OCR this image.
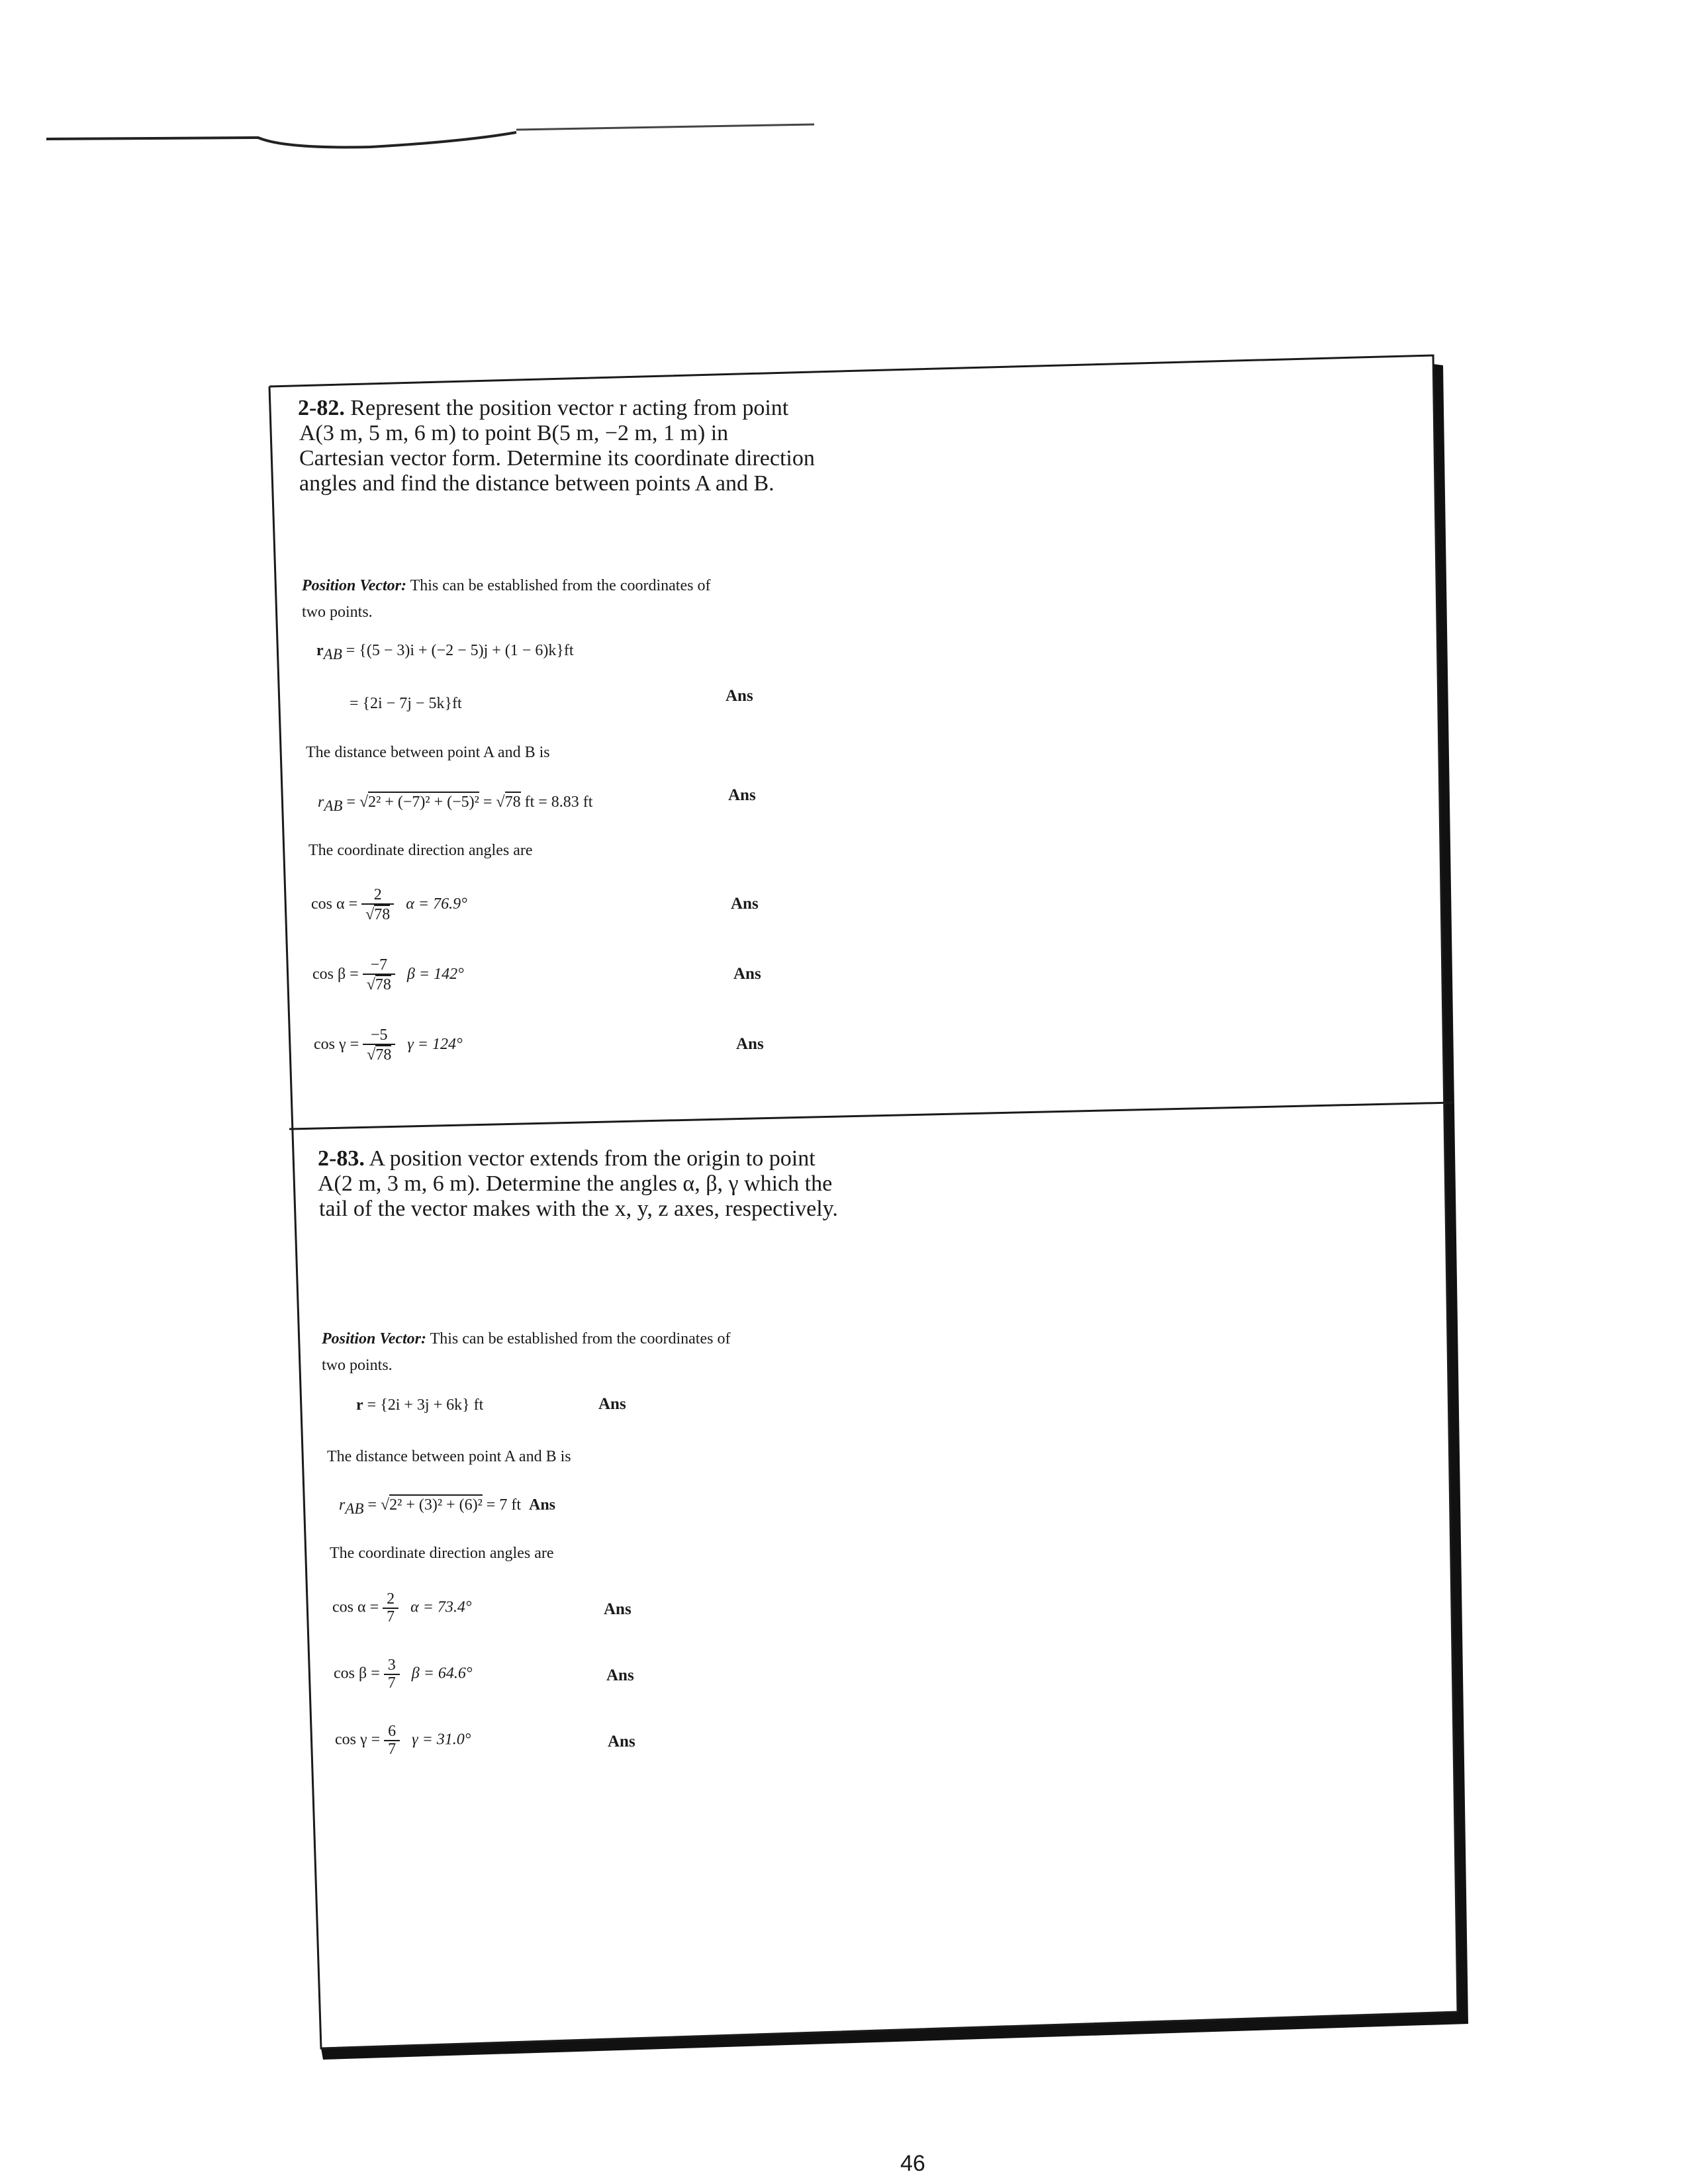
2-82. Represent the position vector r acting from point
A(3 m, 5 m, 6 m) to point B(5 m, −2 m, 1 m) in
Cartesian vector form. Determine its coordinate direction
angles and find the distance between points A and B.
Position Vector: This can be established from the coordinates of
two points.
$r_{AB} = \{(5 - 3)i + (-2 - 5)j + (1 - 6)k\}ft$
= {2i − 7j − 5k}ft	Ans
The distance between point A and B is
$r_{AB} = √2^2 + (-7)^2 + (-5)^2 = √78$ ft = 8.83 ft	Ans
The coordinate direction angles are
$\cos \alpha = \frac{2}{√78}$ α = 76.9°	Ans
$\cos \beta = \frac{-7}{√78}$ β = 142°	Ans
$\cos \gamma = \frac{-5}{√78}$ γ = 124°	Ans
2-83. A position vector extends from the origin to point
A(2 m, 3 m, 6 m). Determine the angles α, β, γ which the
tail of the vector makes with the x, y, z axes, respectively.
Position Vector: This can be established from the coordinates of
two points.
r = {2i + 3j + 6k} ft	Ans
The distance between point A and B is
$r_{AB} = √2^2 + (3)^2 + (6)^2 = 7$ ft Ans
The coordinate direction angles are
$\cos \alpha = \frac{2}{7}$ α = 73.4°	Ans
$\cos \beta = \frac{3}{7}$ β = 64.6°	Ans
$\cos \gamma = \frac{6}{7}$ γ = 31.0°	Ans
46
